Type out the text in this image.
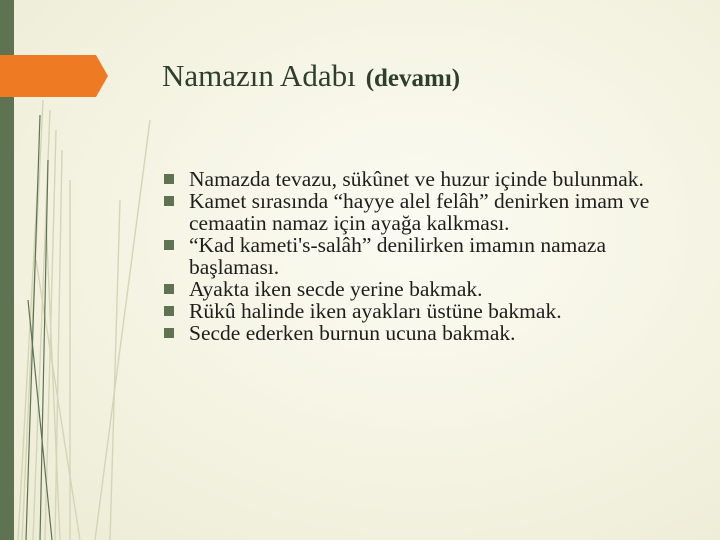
Namazın Adabı (devamı)
Namazda tevazu, sükûnet ve huzur içinde bulunmak.
Kamet sırasında “hayye alel felâh” denirken imam ve cemaatin namaz için ayağa kalkması.
“Kad kameti's-salâh” denilirken imamın namaza başlaması.
Ayakta iken secde yerine bakmak.
Rükû halinde iken ayakları üstüne bakmak.
Secde ederken burnun ucuna bakmak.
